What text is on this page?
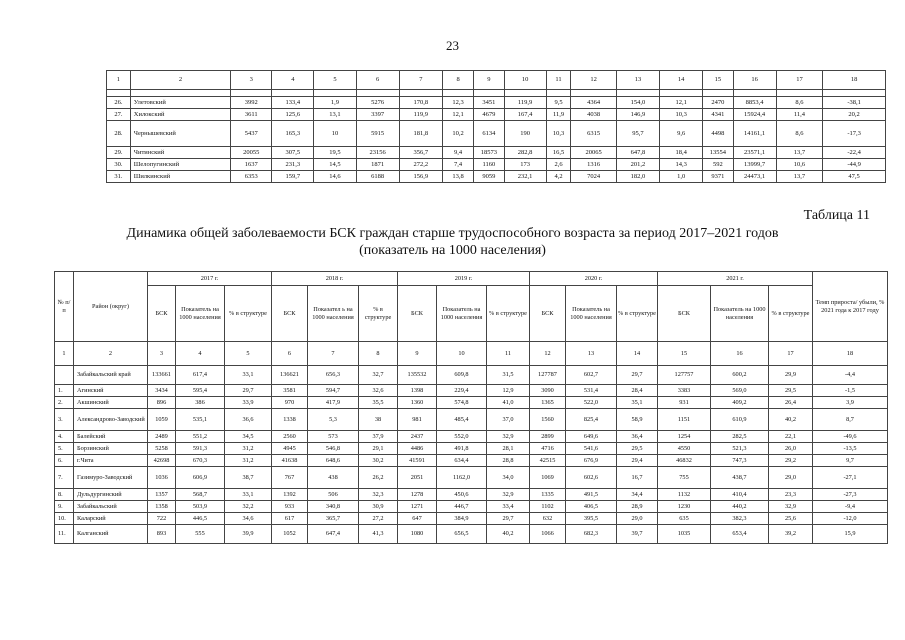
23
1	2	3	4	5	6	7	8	9	10	11	12	13	14	15	16	17	18

26.	Улетовский	3992	133,4	1,9	5276	170,8	12,3	3451	119,9	9,5	4364	154,0	12,1	2470	8853,4	8,6	-38,1
27.	Хилокский	3611	125,6	13,1	3397	119,9	12,1	4679	167,4	11,9	4038	146,9	10,3	4341	15924,4	11,4	20,2
28.	Чернышевский	5437	165,3	10	5915	181,8	10,2	6134	190	10,3	6315	95,7	9,6	4498	14161,1	8,6	-17,3
29.	Читинский	20055	307,5	19,5	23156	356,7	9,4	18573	282,8	16,5	20065	647,8	18,4	13554	23571,1	13,7	-22,4
30.	Шелопугинский	1637	231,3	14,5	1871	272,2	7,4	1160	173	2,6	1316	201,2	14,3	592	13999,7	10,6	-44,9
31.	Шилкинский	6353	159,7	14,6	6188	156,9	13,8	9059	232,1	4,2	7024	182,0	1,0	9371	24473,1	13,7	47,5
Таблица 11
Динамика общей заболеваемости БСК граждан старше трудоспособного возраста за период 2017–2021 годов
(показатель на 1000 населения)
№ п/п	Район (округ)	2017 г.			2018 г.			2019 г.			2020 г.			2021 г.			Темп прироста/ убыли, % 2021 года к 2017 году
		БСК	Показатель на 1000 населения	% в структуре	БСК	Показател ь на 1000 населения	% в структуре	БСК	Показатель на 1000 населения	% в структуре	БСК	Показатель на 1000 населения	% в структуре	БСК	Показатель на 1000 населения	% в структуре	
1	2	3	4	5	6	7	8	9	10	11	12	13	14	15	16	17	18
	Забайкальский край	133661	617,4	33,1	136621	656,3	32,7	135532	609,8	31,5	127787	602,7	29,7	127757	600,2	29,9	-4,4
1.	Агинский	3434	595,4	29,7	3581	594,7	32,6	1398	229,4	12,9	3090	531,4	28,4	3383	569,0	29,5	-1,5
2.	Акшинский	896	386	33,9	970	417,9	35,5	1360	574,8	41,0	1365	522,0	35,1	931	409,2	26,4	3,9
3.	Александрово-Заводский	1059	535,1	36,6	1338	5,3	38	981	485,4	37,0	1560	825,4	58,9	1151	610,9	40,2	8,7
4.	Балейский	2489	551,2	34,5	2560	573	37,9	2437	552,0	32,9	2899	649,6	36,4	1254	282,5	22,1	-49,6
5.	Борзинский	5258	591,3	31,2	4945	546,8	29,1	4486	491,8	28,1	4716	541,6	29,5	4550	521,3	26,0	-13,5
6.	г.Чита	42698	670,3	31,2	41638	648,6	30,2	41591	634,4	28,8	42515	676,9	29,4	46832	747,3	29,2	9,7
7.	Газимуро-Заводский	1036	606,9	38,7	767	438	26,2	2051	1162,0	34,0	1069	602,6	16,7	755	438,7	29,0	-27,1
8.	Дульдургинский	1357	568,7	33,1	1392	506	32,3	1278	450,6	32,9	1335	491,5	34,4	1132	410,4	23,3	-27,3
9.	Забайкальский	1358	503,9	32,2	933	340,8	30,9	1271	446,7	33,4	1102	406,5	28,9	1230	440,2	32,9	-9,4
10.	Каларский	722	446,5	34,6	617	365,7	27,2	647	384,9	29,7	632	395,5	29,0	635	382,3	25,6	-12,0
11.	Калганский	893	555	39,9	1052	647,4	41,3	1080	656,5	40,2	1066	682,3	39,7	1035	653,4	39,2	15,9
